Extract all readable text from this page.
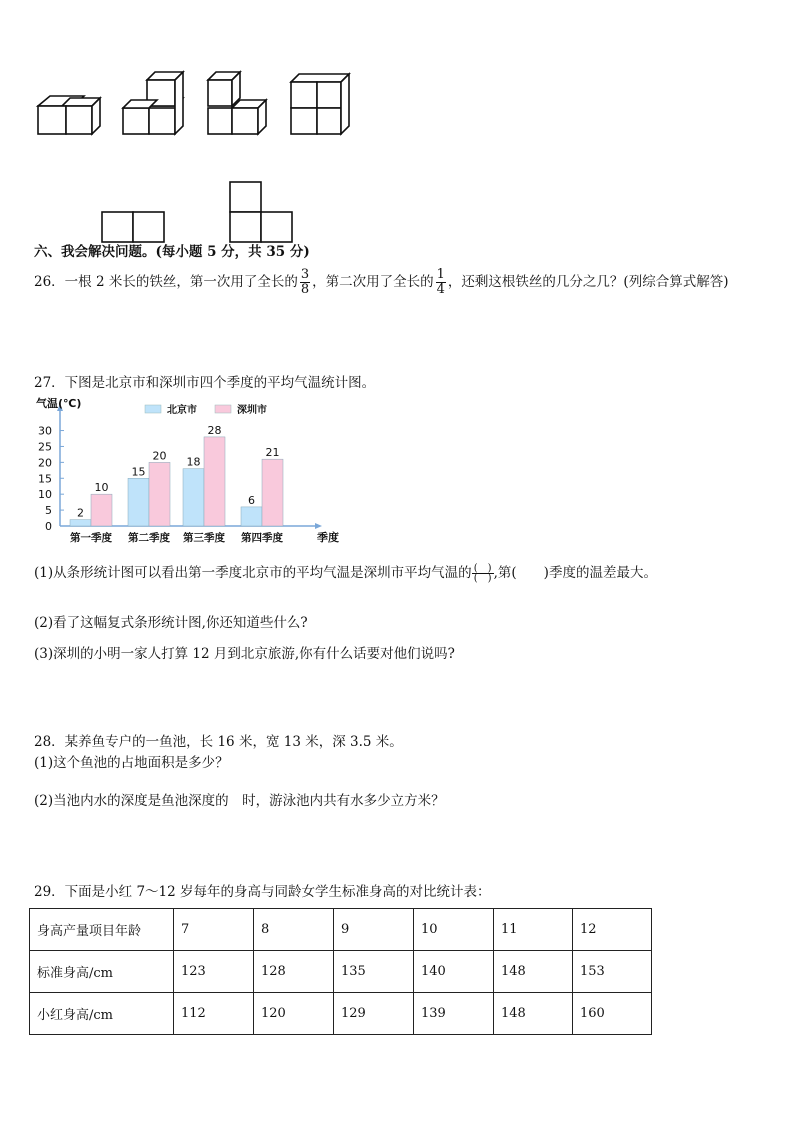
六、我会解决问题。(每小题 5 分，共 35 分)
26．一根 2 米长的铁丝，第一次用了全长的 $\frac{3}{8}$ ，第二次用了全长的 $\frac{1}{4}$ ，还剩这根铁丝的几分之几？(列综合算式解答)
27．下图是北京市和深圳市四个季度的平均气温统计图。
0
5
10
15
20
25
30
气温(℃)
季度
北京市	深圳市
2
10
第一季度
15
20
第二季度
18
28
第三季度
6
21
第四季度
(1)从条形统计图可以看出第一季度北京市的平均气温是深圳市平均气温的 $\frac{( )}{( )}$ ,第(　　)季度的温差最大。
(2)看了这幅复式条形统计图,你还知道些什么?
(3)深圳的小明一家人打算 12 月到北京旅游,你有什么话要对他们说吗?
28．某养鱼专户的一鱼池，长 16 米，宽 13 米，深 3.5 米。
(1)这个鱼池的占地面积是多少？
(2)当池内水的深度是鱼池深度的　时，游泳池内共有水多少立方米？
29．下面是小红 7～12 岁每年的身高与同龄女学生标准身高的对比统计表：
身高产量项目年龄	7	8	9	10	11	12
标准身高/cm	123	128	135	140	148	153
小红身高/cm	112	120	129	139	148	160
